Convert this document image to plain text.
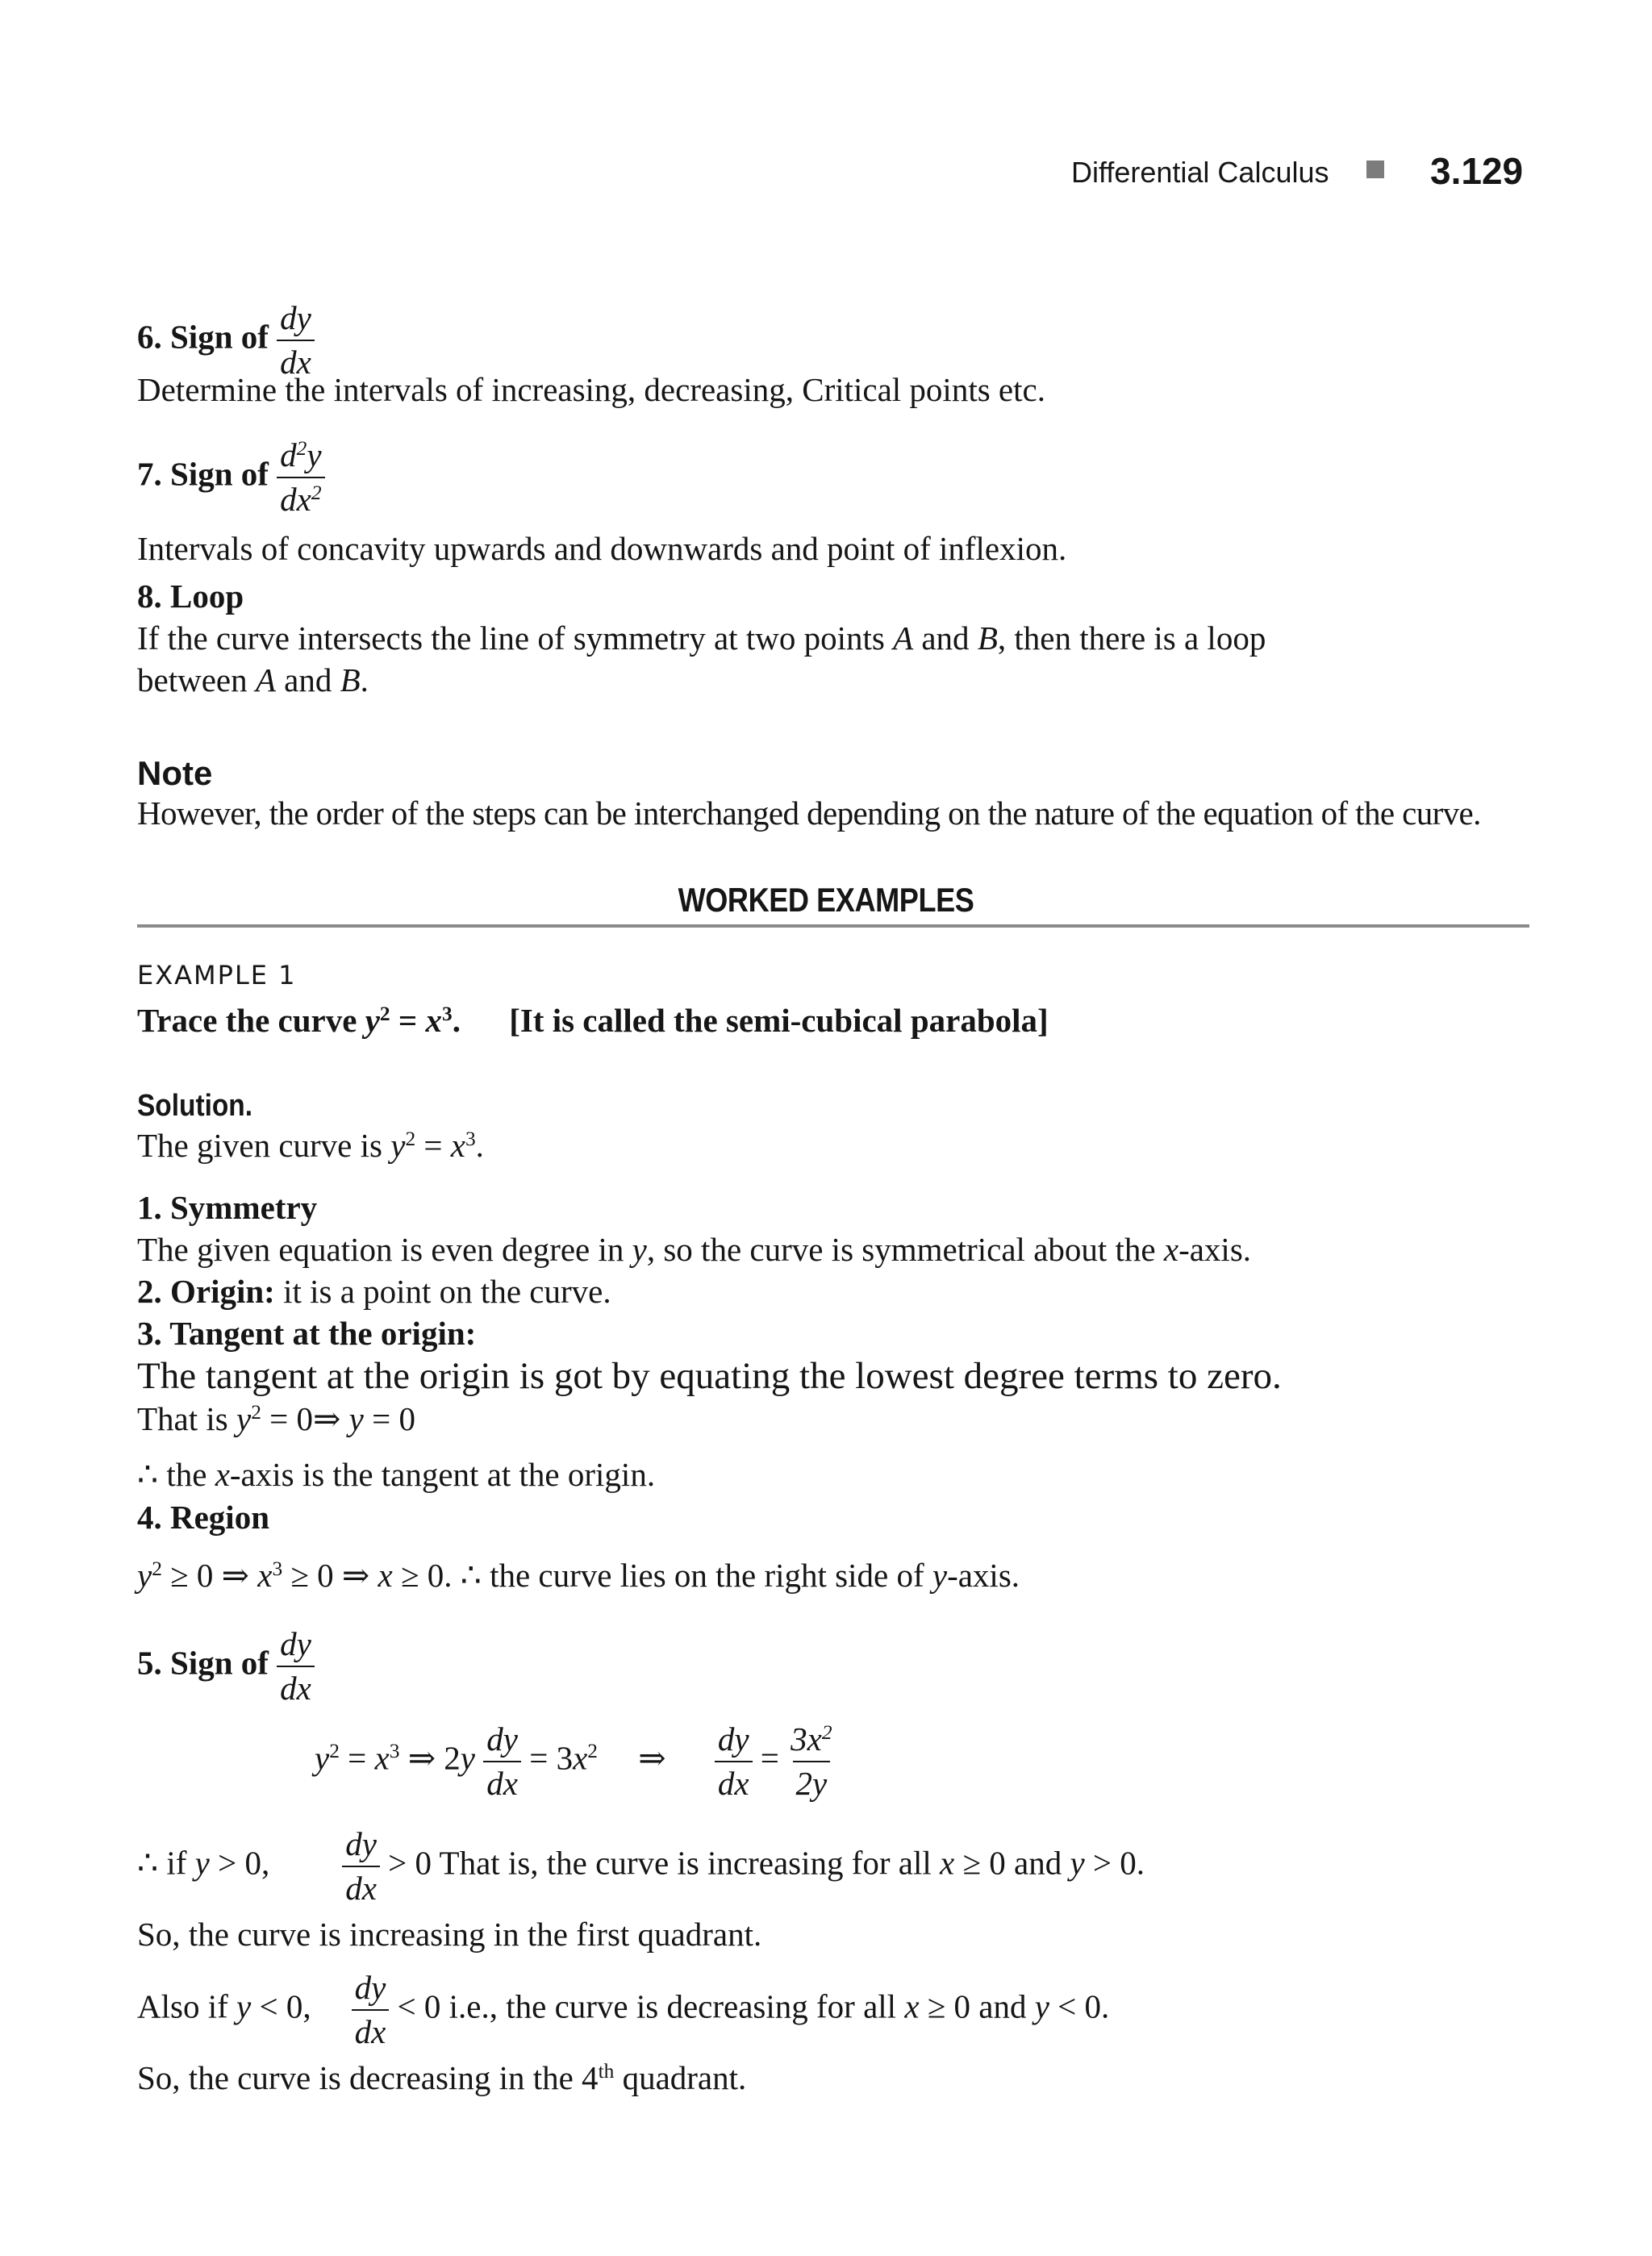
Differential Calculus	3.129
6. Sign of $\frac{dy}{dx}$
Determine the intervals of increasing, decreasing, Critical points etc.
7. Sign of $\frac{d^2y}{dx^2}$
Intervals of concavity upwards and downwards and point of inflexion.
8. Loop
If the curve intersects the line of symmetry at two points A and B, then there is a loop
between A and B.
Note
However, the order of the steps can be interchanged depending on the nature of the equation of the curve.
WORKED EXAMPLES
EXAMPLE 1
Trace the curve $y^2 = x^3$. [It is called the semi-cubical parabola]
Solution.
The given curve is $y^2 = x^3$.
1. Symmetry
The given equation is even degree in y, so the curve is symmetrical about the x-axis.
2. Origin: it is a point on the curve.
3. Tangent at the origin:
The tangent at the origin is got by equating the lowest degree terms to zero.
That is $y^2$ = 0⇒ y = 0
∴ the x-axis is the tangent at the origin.
4. Region
$y^2 \ge 0$ ⇒ $x^3 \ge 0$ ⇒ x ≥ 0. ∴ the curve lies on the right side of y-axis.
5. Sign of $\frac{dy}{dx}$
$y^2 = x^3$ ⇒ $2y \frac{dy}{dx} = 3x^2$ ⇒ $\frac{dy}{dx} = \frac{3x^2}{2y}$
∴ if y > 0, $\frac{dy}{dx} > 0$ That is, the curve is increasing for all x ≥ 0 and y > 0.
So, the curve is increasing in the first quadrant.
Also if y < 0, $\frac{dy}{dx} < 0$ i.e., the curve is decreasing for all x ≥ 0 and y < 0.
So, the curve is decreasing in the 4th quadrant.
